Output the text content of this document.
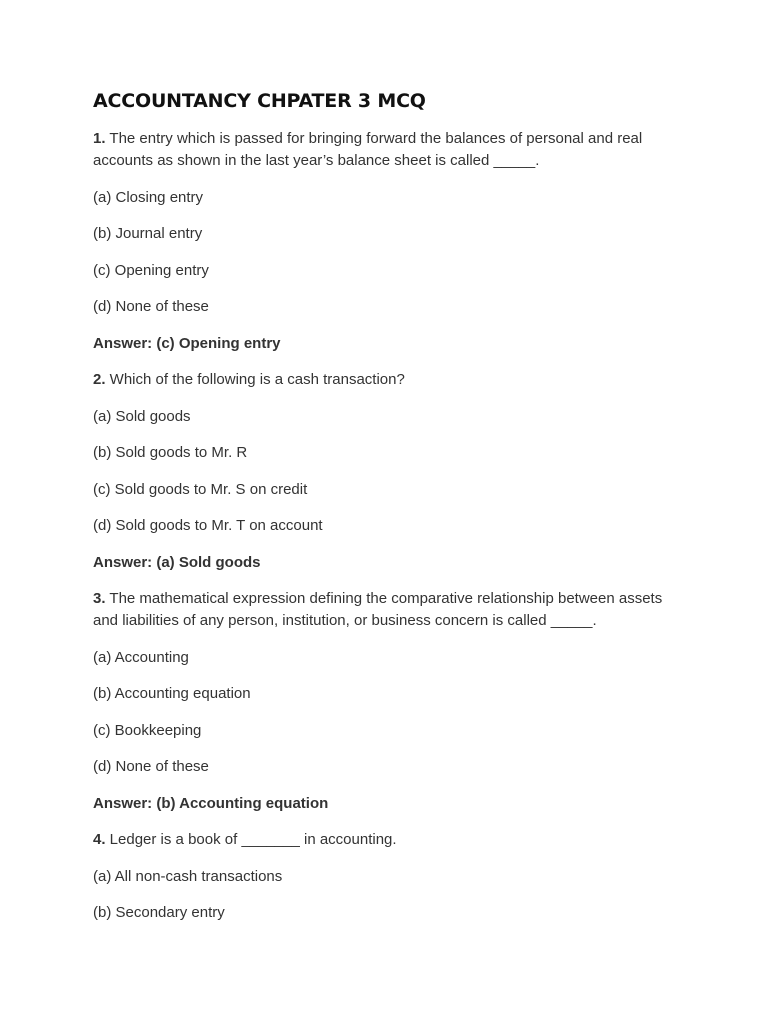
ACCOUNTANCY CHPATER 3 MCQ

1. The entry which is passed for bringing forward the balances of personal and real accounts as shown in the last year’s balance sheet is called _____.

(a) Closing entry

(b) Journal entry

(c) Opening entry

(d) None of these

Answer: (c) Opening entry

2. Which of the following is a cash transaction?

(a) Sold goods

(b) Sold goods to Mr. R

(c) Sold goods to Mr. S on credit

(d) Sold goods to Mr. T on account

Answer: (a) Sold goods

3. The mathematical expression defining the comparative relationship between assets and liabilities of any person, institution, or business concern is called _____.

(a) Accounting

(b) Accounting equation

(c) Bookkeeping

(d) None of these

Answer: (b) Accounting equation

4. Ledger is a book of _______ in accounting.

(a) All non-cash transactions

(b) Secondary entry
